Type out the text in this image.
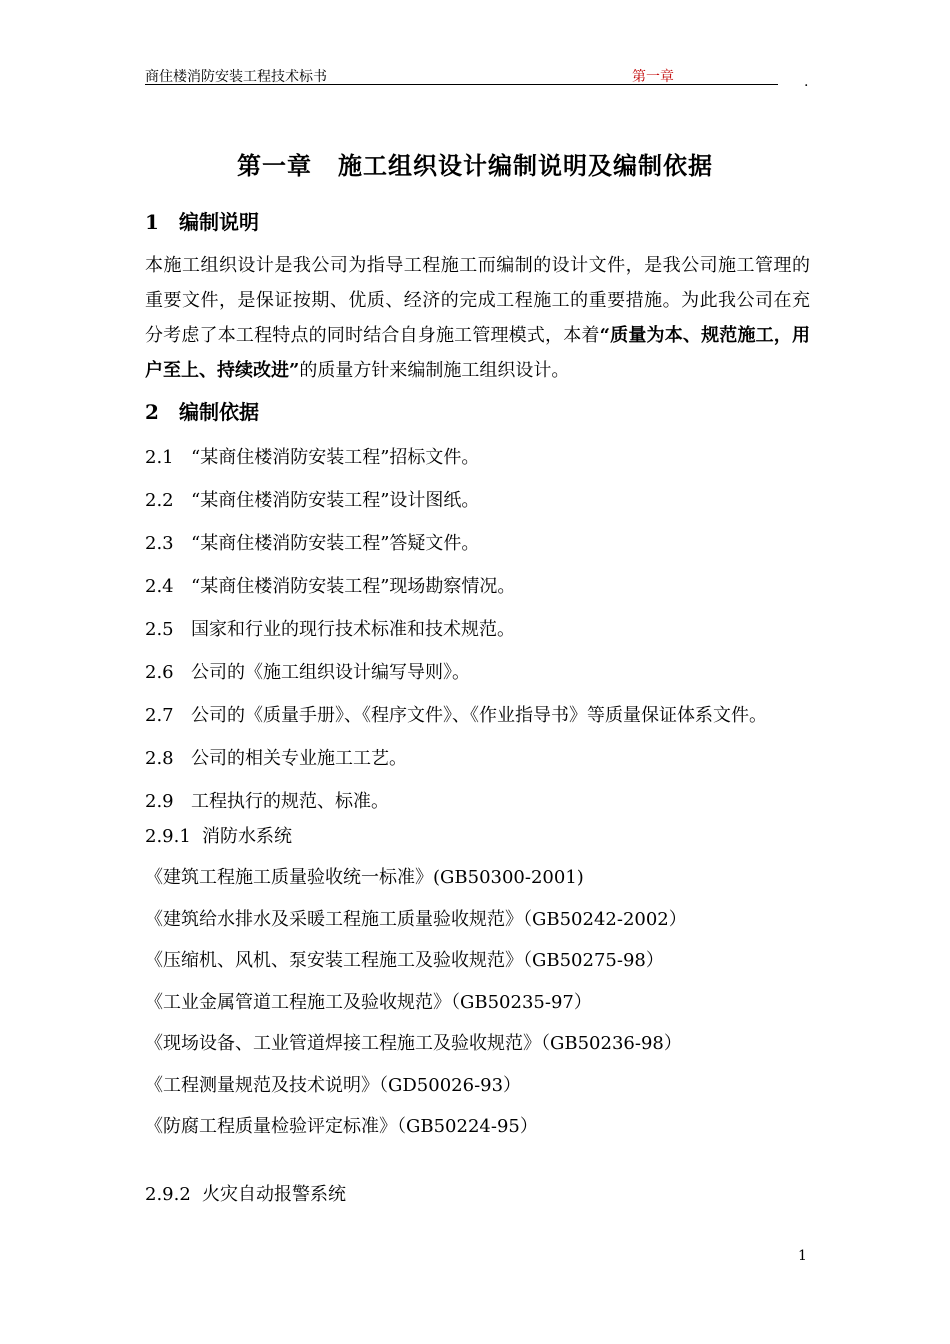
商住楼消防安装工程技术标书	第一章	.
第一章 施工组织设计编制说明及编制依据
1 编制说明
本施工组织设计是我公司为指导工程施工而编制的设计文件，是我公司施工管理的重要文件，是保证按期、优质、经济的完成工程施工的重要措施。为此我公司在充分考虑了本工程特点的同时结合自身施工管理模式，本着“质量为本、规范施工，用户至上、持续改进”的质量方针来编制施工组织设计。
2 编制依据
2.1 “某商住楼消防安装工程”招标文件。
2.2 “某商住楼消防安装工程”设计图纸。
2.3 “某商住楼消防安装工程”答疑文件。
2.4 “某商住楼消防安装工程”现场勘察情况。
2.5 国家和行业的现行技术标准和技术规范。
2.6 公司的《施工组织设计编写导则》。
2.7 公司的《质量手册》、《程序文件》、《作业指导书》等质量保证体系文件。
2.8 公司的相关专业施工工艺。
2.9 工程执行的规范、标准。
2.9.1 消防水系统
《建筑工程施工质量验收统一标准》(GB50300-2001)
《建筑给水排水及采暖工程施工质量验收规范》（GB50242-2002）
《压缩机、风机、泵安装工程施工及验收规范》（GB50275-98）
《工业金属管道工程施工及验收规范》（GB50235-97）
《现场设备、工业管道焊接工程施工及验收规范》（GB50236-98）
《工程测量规范及技术说明》（GD50026-93）
《防腐工程质量检验评定标准》（GB50224-95）
2.9.2 火灾自动报警系统
1
